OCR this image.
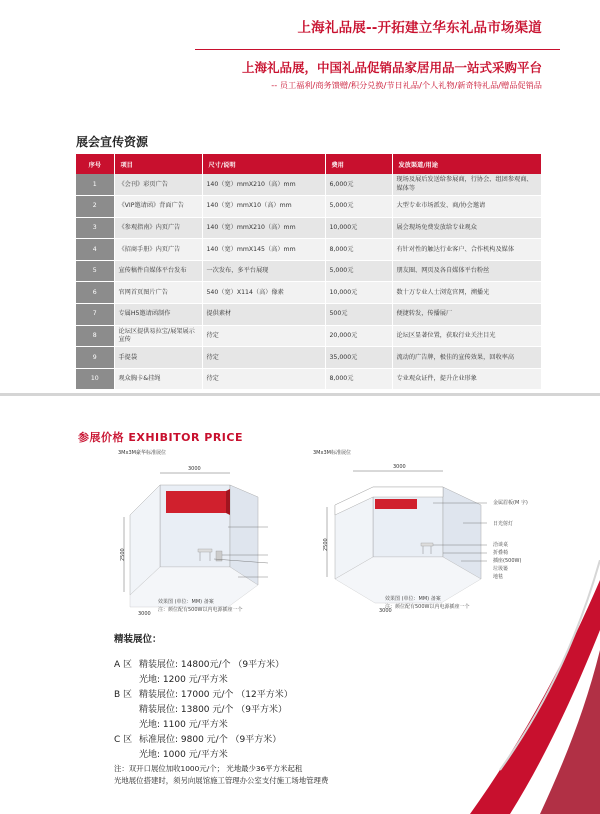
上海礼品展--开拓建立华东礼品市场渠道
上海礼品展，中国礼品促销品家居用品一站式采购平台
-- 员工福利/商务馈赠/积分兑换/节日礼品/个人礼物/新奇特礼品/赠品促销品
展会宣传资源
序号	项目	尺寸/说明	费用	发放渠道/用途
1	《会刊》彩页广告	140（宽）mmX210（高）mm	6,000元	现场及展后发送给参展商，行协会、组团参观商、媒体等
2	《VIP邀请函》背面广告	140（宽）mmX10（高）mm	5,000元	大型专业市场派发、商/协会邀请
3	《参观指南》内页广告	140（宽）mmX210（高）mm	10,000元	展会现场免费发放给专业观众
4	《招商手册》内页广告	140（宽）mmX145（高）mm	8,000元	有针对性的触达行业客户、合作机构及媒体
5	宣传稿件自媒体平台发布	一次发布，多平台展现	5,000元	朋友圈、网页及各自媒体平台粉丝
6	官网首页图片广告	540（宽）X114（高）像素	10,000元	数十万专业人士浏览官网，溯播光
7	专属H5邀请函制作	提供素材	500元	便捷转发，传播展厂
8	论坛区提供易拉宝/展架展示宣传	待定	20,000元	论坛区显著位置，获取行业关注目光
9	手提袋	待定	35,000元	流动的广告牌，极佳的宣传效果，回收率高
10	观众胸卡&挂绳	待定	8,000元	专业观众证件，提升企业形象
参展价格 EXHIBITOR PRICE
3Mx3M豪华标准展位
3000
2500
3000
效果图 (单位：MM) 备案
注：颜位配有500W以内电源插座一个
3Mx3M标准展位
3000
2500
3000
金属眉板(M 字)
日光射灯
洽谈桌
折叠椅
插座(500W)
垃圾篓
地毯
效果图 (单位：MM) 备案
注：颜位配有500W以内电源插座一个
精装展位：
A 区 精装展位: 14800元/个 （9平方米）
光地: 1200 元/平方米
B 区 精装展位: 17000 元/个 （12平方米）
精装展位: 13800 元/个 （9平方米）
光地: 1100 元/平方米
C 区 标准展位: 9800 元/个 （9平方米）
光地: 1000 元/平方米
注：双开口展位加收1000元/个； 光地最少36平方米起租
光地展位搭建时，须另向展馆施工管理办公室支付施工场地管理费
